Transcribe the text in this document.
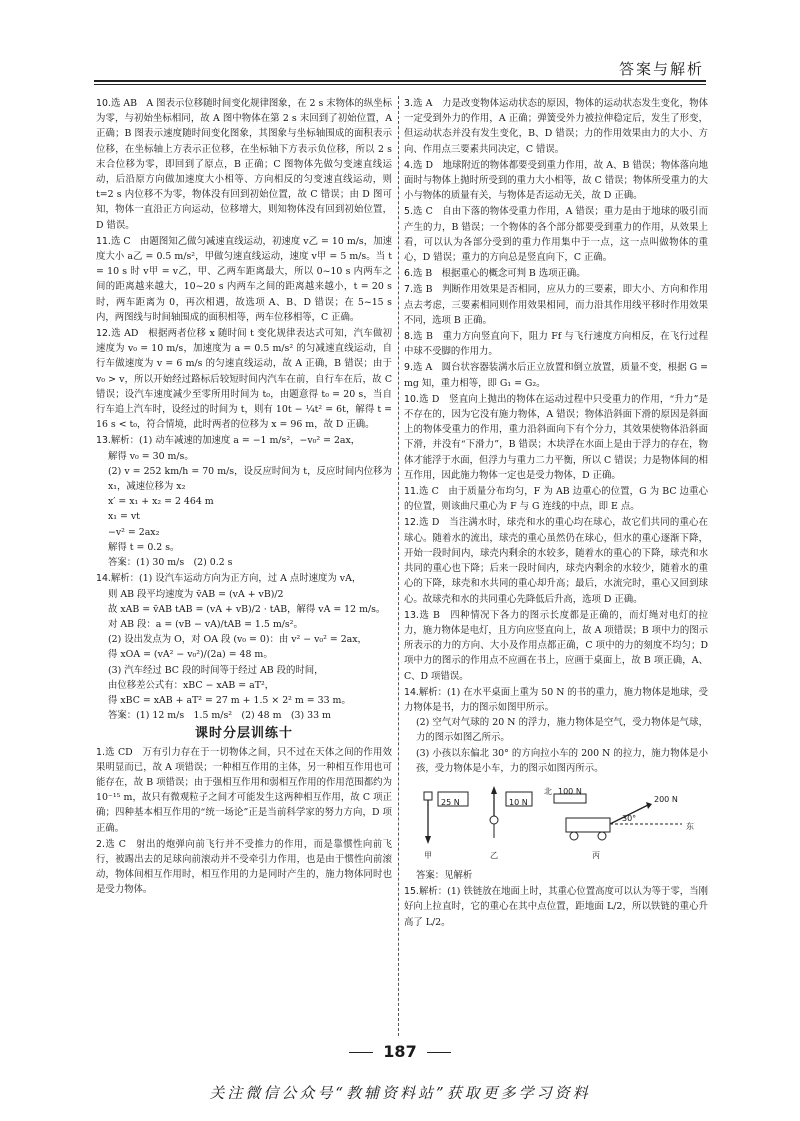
答案与解析
10.选 AB　A 图表示位移随时间变化规律图象，在 2 s 末物体的纵坐标为零，与初始坐标相同，故 A 图中物体在第 2 s 末回到了初始位置，A 正确；B 图表示速度随时间变化图象，其图象与坐标轴围成的面积表示位移，在坐标轴上方表示正位移，在坐标轴下方表示负位移，所以 2 s 末合位移为零，即回到了原点，B 正确；C 图物体先做匀变速直线运动，后沿原方向做加速度大小相等、方向相反的匀变速直线运动，则 t=2 s 内位移不为零，物体没有回到初始位置，故 C 错误；由 D 图可知，物体一直沿正方向运动，位移增大，则知物体没有回到初始位置，D 错误。
11.选 C　由题图知乙做匀减速直线运动，初速度 v乙 = 10 m/s，加速度大小 a乙 = 0.5 m/s²，甲做匀速直线运动，速度 v甲 = 5 m/s。当 t = 10 s 时 v甲 = v乙，甲、乙两车距离最大，所以 0~10 s 内两车之间的距离越来越大，10~20 s 内两车之间的距离越来越小，t = 20 s 时，两车距离为 0，再次相遇，故选项 A、B、D 错误；在 5~15 s 内，两图线与时间轴围成的面积相等，两车位移相等，C 正确。
12.选 AD　根据两者位移 x 随时间 t 变化规律表达式可知，汽车做初速度为 v₀ = 10 m/s，加速度为 a = 0.5 m/s² 的匀减速直线运动，自行车做速度为 v = 6 m/s 的匀速直线运动，故 A 正确，B 错误；由于 v₀ > v，所以开始经过路标后较短时间内汽车在前，自行车在后，故 C 错误；设汽车速度减少至零所用时间为 t₀，由题意得 t₀ = 20 s，当自行车追上汽车时，设经过的时间为 t，则有 10t − ¼t² = 6t，解得 t = 16 s < t₀，符合情境，此时两者的位移为 x = 96 m，故 D 正确。
13.解析：(1) 动车减速的加速度 a = −1 m/s²，−v₀² = 2ax，
解得 v₀ = 30 m/s。
(2) v = 252 km/h = 70 m/s，设反应时间为 t，反应时间内位移为 x₁，减速位移为 x₂
x′ = x₁ + x₂ = 2 464 m
x₁ = vt
−v² = 2ax₂
解得 t = 0.2 s。
答案：(1) 30 m/s　(2) 0.2 s
14.解析：(1) 设汽车运动方向为正方向，过 A 点时速度为 vA，
则 AB 段平均速度为 v̄AB = (vA + vB)/2
故 xAB = v̄AB tAB = (vA + vB)/2 · tAB，解得 vA = 12 m/s。
对 AB 段：a = (vB − vA)/tAB = 1.5 m/s²。
(2) 设出发点为 O，对 OA 段 (v₀ = 0)：由 v² − v₀² = 2ax，
得 xOA = (vA² − v₀²)/(2a) = 48 m。
(3) 汽车经过 BC 段的时间等于经过 AB 段的时间，
由位移差公式有：xBC − xAB = aT²，
得 xBC = xAB + aT² = 27 m + 1.5 × 2² m = 33 m。
答案：(1) 12 m/s　1.5 m/s²　(2) 48 m　(3) 33 m
课时分层训练十
1.选 CD　万有引力存在于一切物体之间，只不过在天体之间的作用效果明显而已，故 A 项错误；一种相互作用的主体，另一种相互作用也可能存在，故 B 项错误；由于强相互作用和弱相互作用的作用范围都约为 10⁻¹⁵ m，故只有微观粒子之间才可能发生这两种相互作用，故 C 项正确；四种基本相互作用的“统一场论”正是当前科学家的努力方向，D 项正确。
2.选 C　射出的炮弹向前飞行并不受推力的作用，而是靠惯性向前飞行，被踢出去的足球向前滚动并不受牵引力作用，也是由于惯性向前滚动，物体间相互作用时，相互作用的力是同时产生的，施力物体同时也是受力物体。
3.选 A　力是改变物体运动状态的原因，物体的运动状态发生变化，物体一定受到外力的作用，A 正确；弹簧受外力被拉伸稳定后，发生了形变，但运动状态并没有发生变化，B、D 错误；力的作用效果由力的大小、方向、作用点三要素共同决定，C 错误。
4.选 D　地球附近的物体都要受到重力作用，故 A、B 错误；物体落向地面时与物体上抛时所受到的重力大小相等，故 C 错误；物体所受重力的大小与物体的质量有关，与物体是否运动无关，故 D 正确。
5.选 C　自由下落的物体受重力作用，A 错误；重力是由于地球的吸引而产生的力，B 错误；一个物体的各个部分都要受到重力的作用，从效果上看，可以认为各部分受到的重力作用集中于一点，这一点叫做物体的重心，D 错误；重力的方向总是竖直向下，C 正确。
6.选 B　根据重心的概念可判 B 选项正确。
7.选 B　判断作用效果是否相同，应从力的三要素，即大小、方向和作用点去考虑，三要素相同则作用效果相同，而力沿其作用线平移时作用效果不同，选项 B 正确。
8.选 B　重力方向竖直向下，阻力 Ff 与飞行速度方向相反，在飞行过程中球不受脚的作用力。
9.选 A　圆台状容器装满水后正立放置和倒立放置，质量不变，根据 G = mg 知，重力相等，即 G₁ = G₂。
10.选 D　竖直向上抛出的物体在运动过程中只受重力的作用，“升力”是不存在的，因为它没有施力物体，A 错误；物体沿斜面下滑的原因是斜面上的物体受重力的作用，重力沿斜面向下有个分力，其效果使物体沿斜面下滑，并没有“下滑力”，B 错误；木块浮在水面上是由于浮力的存在，物体才能浮于水面，但浮力与重力二力平衡，所以 C 错误；力是物体间的相互作用，因此施力物体一定也是受力物体，D 正确。
11.选 C　由于质量分布均匀，F 为 AB 边重心的位置，G 为 BC 边重心的位置，则该曲尺重心为 F 与 G 连线的中点，即 E 点。
12.选 D　当注满水时，球壳和水的重心均在球心，故它们共同的重心在球心。随着水的流出，球壳的重心虽然仍在球心，但水的重心逐渐下降，开始一段时间内，球壳内剩余的水较多，随着水的重心的下降，球壳和水共同的重心也下降；后来一段时间内，球壳内剩余的水较少，随着水的重心的下降，球壳和水共同的重心却升高；最后，水流完时，重心又回到球心。故球壳和水的共同重心先降低后升高，选项 D 正确。
13.选 B　四种情况下各力的图示长度都是正确的，而灯绳对电灯的拉力，施力物体是电灯，且方向应竖直向上，故 A 项错误；B 项中力的图示所表示的力的方向、大小及作用点都正确，C 项中的力的刻度不均匀；D 项中力的图示的作用点不应画在书上，应画于桌面上，故 B 项正确，A、C、D 项错误。
14.解析：(1) 在水平桌面上重为 50 N 的书的重力，施力物体是地球，受力物体是书，力的图示如图甲所示。
(2) 空气对气球的 20 N 的浮力，施力物体是空气，受力物体是气球，力的图示如图乙所示。
(3) 小孩以东偏北 30° 的方向拉小车的 200 N 的拉力，施力物体是小孩，受力物体是小车，力的图示如图丙所示。
25 N
甲
10 N
乙
北 100 N
200 N
30°
东
丙
答案：见解析
15.解析：(1) 铁链放在地面上时，其重心位置高度可以认为等于零，当刚好向上拉直时，它的重心在其中点位置，距地面 L/2，所以铁链的重心升高了 L/2。
187
关注微信公众号“教辅资料站”获取更多学习资料
